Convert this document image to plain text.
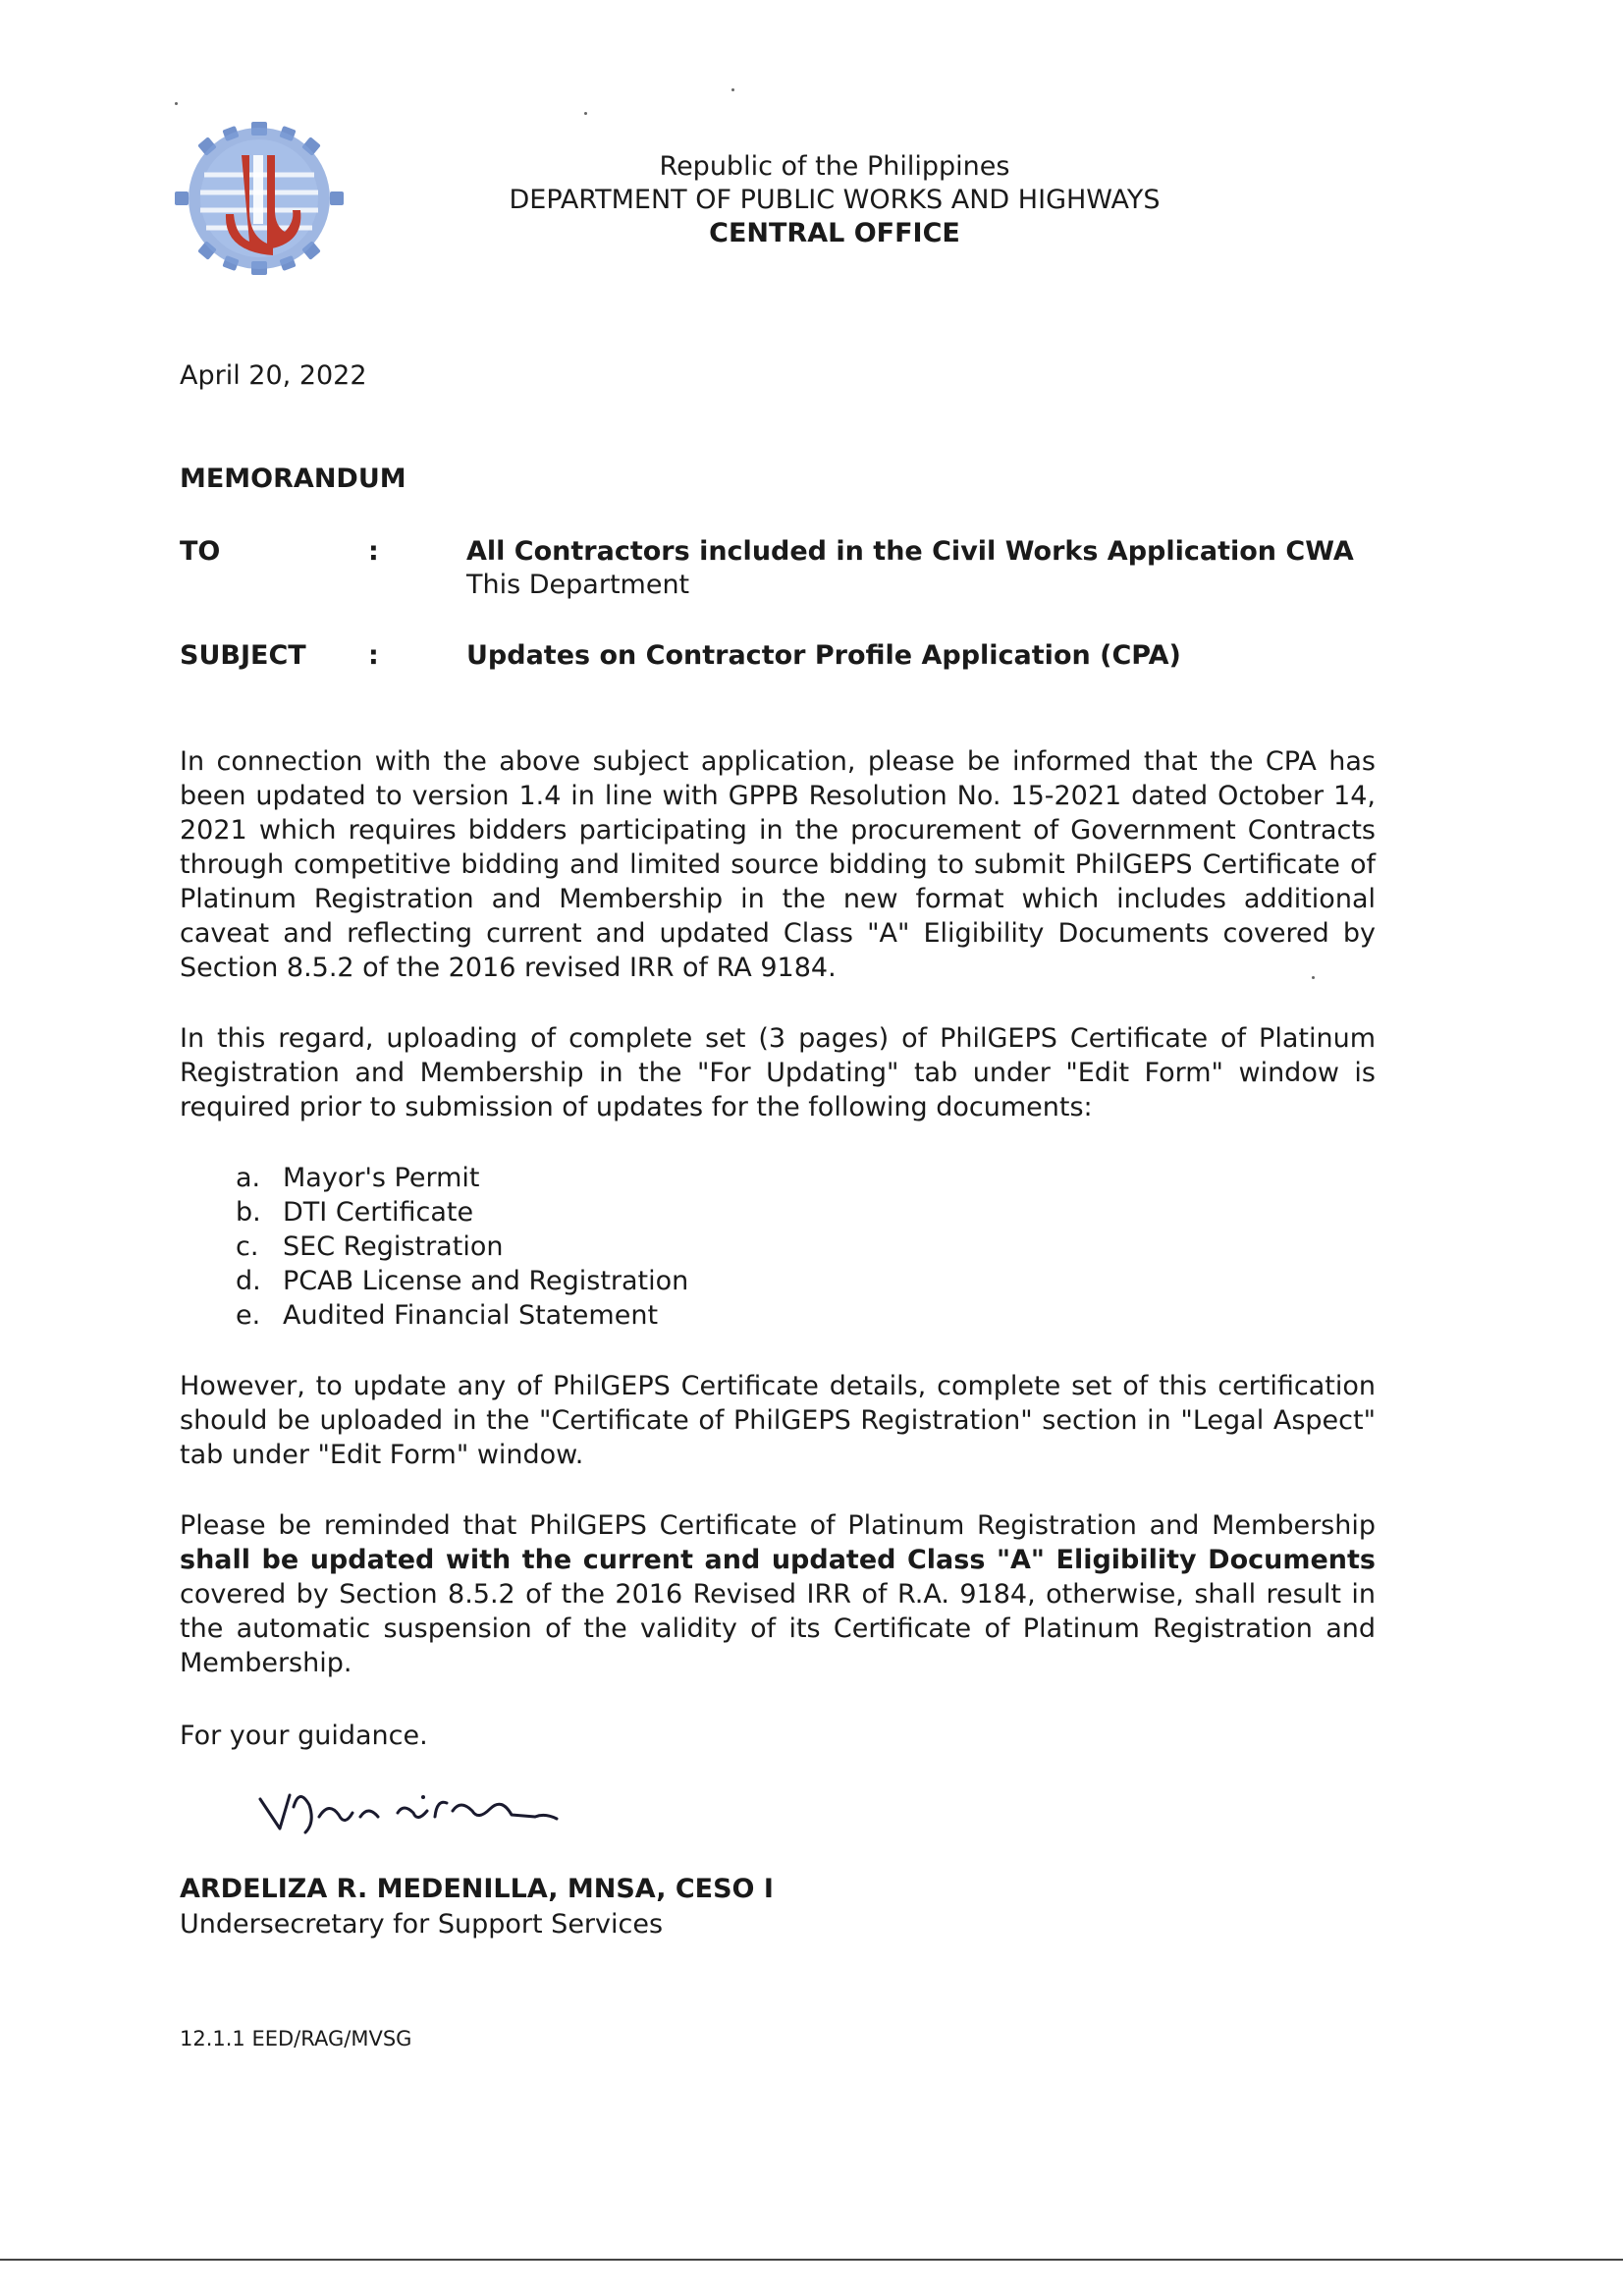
Republic of the Philippines
DEPARTMENT OF PUBLIC WORKS AND HIGHWAYS
CENTRAL OFFICE
April 20, 2022
MEMORANDUM
TO	:	All Contractors included in the Civil Works Application CWA
This Department
SUBJECT :	Updates on Contractor Profile Application (CPA)

In connection with the above subject application, please be informed that the CPA has been updated to version 1.4 in line with GPPB Resolution No. 15-2021 dated October 14, 2021 which requires bidders participating in the procurement of Government Contracts through competitive bidding and limited source bidding to submit PhilGEPS Certificate of Platinum Registration and Membership in the new format which includes additional caveat and reflecting current and updated Class "A" Eligibility Documents covered by Section 8.5.2 of the 2016 revised IRR of RA 9184.

In this regard, uploading of complete set (3 pages) of PhilGEPS Certificate of Platinum Registration and Membership in the "For Updating" tab under "Edit Form" window is required prior to submission of updates for the following documents:

a. Mayor's Permit
b. DTI Certificate
c. SEC Registration
d. PCAB License and Registration
e. Audited Financial Statement

However, to update any of PhilGEPS Certificate details, complete set of this certification should be uploaded in the "Certificate of PhilGEPS Registration" section in "Legal Aspect" tab under "Edit Form" window.

Please be reminded that PhilGEPS Certificate of Platinum Registration and Membership shall be updated with the current and updated Class "A" Eligibility Documents covered by Section 8.5.2 of the 2016 Revised IRR of R.A. 9184, otherwise, shall result in the automatic suspension of the validity of its Certificate of Platinum Registration and Membership.

For your guidance.

ARDELIZA R. MEDENILLA, MNSA, CESO I
Undersecretary for Support Services
12.1.1 EED/RAG/MVSG
